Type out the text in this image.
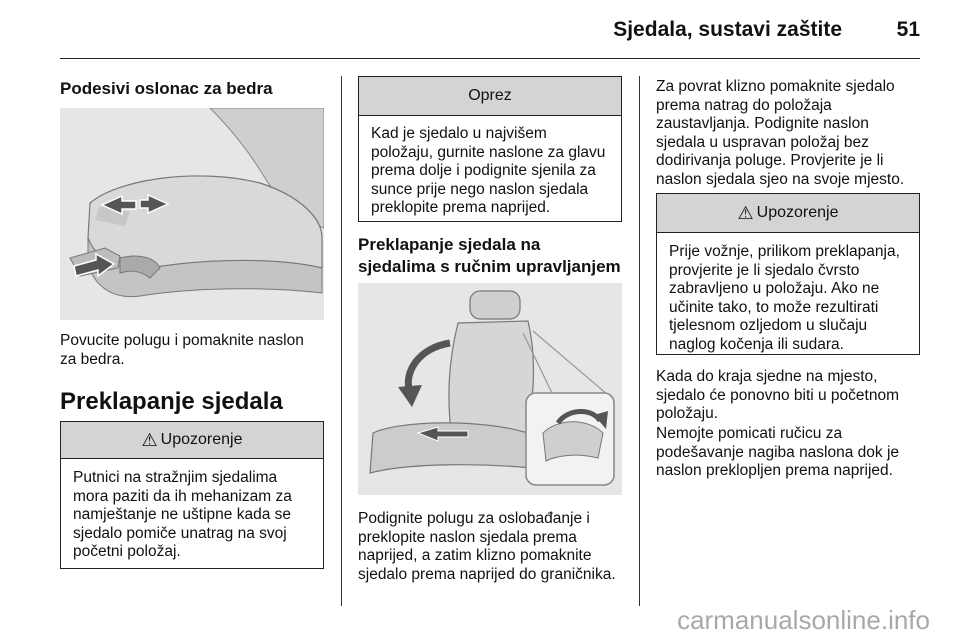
Sjedala, sustavi zaštite	51
Podesivi oslonac za bedra

Povucite polugu i pomaknite naslon za bedra.

Preklapanje sjedala
⚠ Upozorenje
Putnici na stražnjim sjedalima mora paziti da ih mehanizam za namještanje ne uštipne kada se sjedalo pomiče unatrag na svoj početni položaj.
Oprez
Kad je sjedalo u najvišem položaju, gurnite naslone za glavu prema dolje i podignite sjenila za sunce prije nego naslon sjedala preklopite prema naprijed.
Preklapanje sjedala na
sjedalima s ručnim upravljanjem

Podignite polugu za oslobađanje i preklopite naslon sjedala prema naprijed, a zatim klizno pomaknite sjedalo prema naprijed do graničnika.

Za povrat klizno pomaknite sjedalo prema natrag do položaja zaustavljanja. Podignite naslon sjedala u uspravan položaj bez dodirivanja poluge. Provjerite je li naslon sjedala sjeo na svoje mjesto.

⚠ Upozorenje
Prije vožnje, prilikom preklapanja, provjerite je li sjedalo čvrsto zabravljeno u položaju. Ako ne učinite tako, to može rezultirati tjelesnom ozljedom u slučaju naglog kočenja ili sudara.

Kada do kraja sjedne na mjesto, sjedalo će ponovno biti u početnom položaju.

Nemojte pomicati ručicu za podešavanje nagiba naslona dok je naslon preklopljen prema naprijed.

carmanualsonline.info
